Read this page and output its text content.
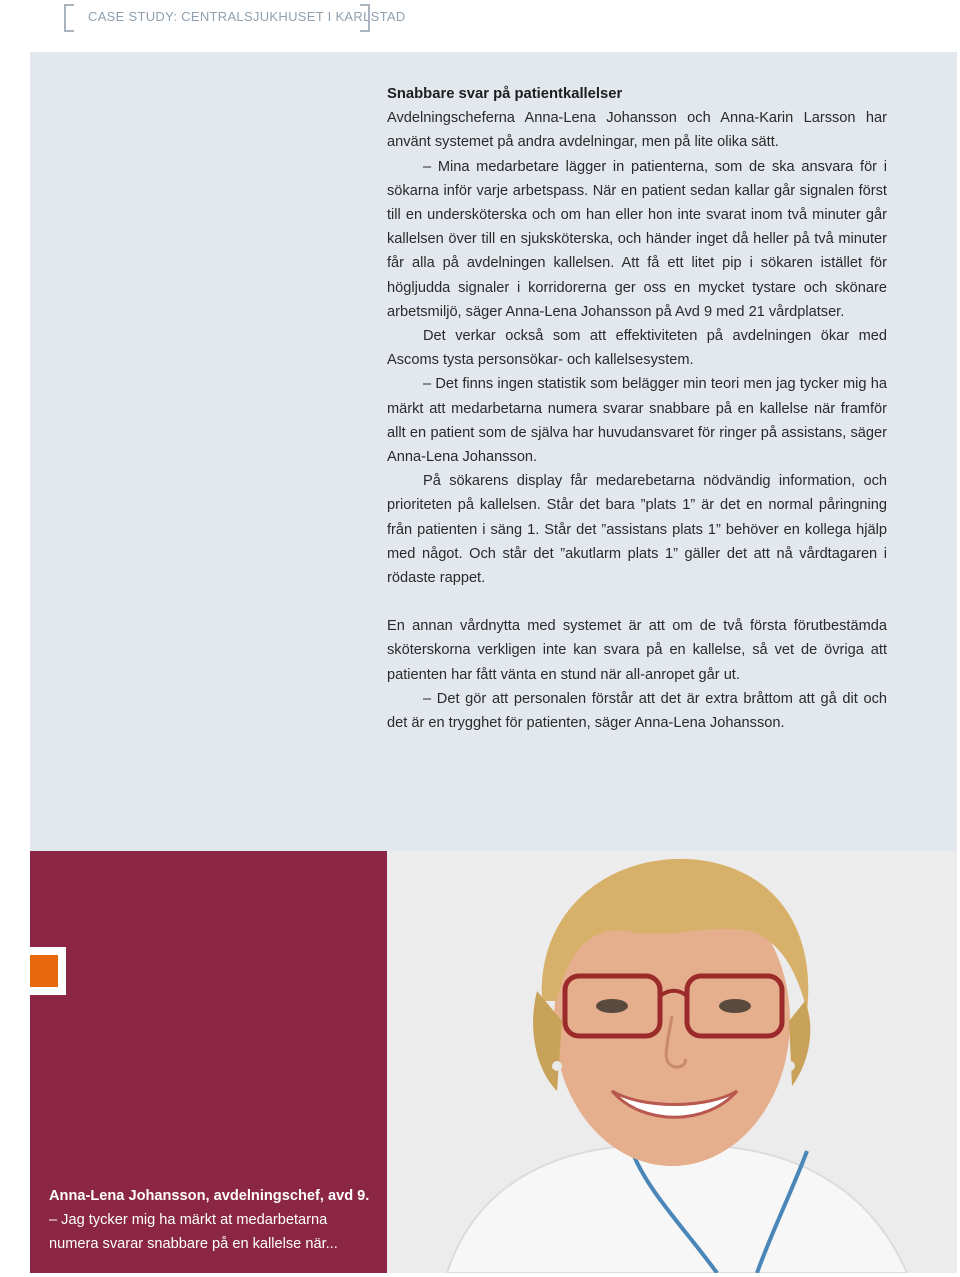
CASE STUDY: CENTRALSJUKHUSET I KARLSTAD
Snabbare svar på patientkallelser

Avdelningscheferna Anna-Lena Johansson och Anna-Karin Larsson har använt systemet på andra avdelningar, men på lite olika sätt.

– Mina medarbetare lägger in patienterna, som de ska ansvara för i sökarna inför varje arbetspass. När en patient sedan kallar går signalen först till en undersköterska och om han eller hon inte svarat inom två minuter går kallelsen över till en sjuksköterska, och händer inget då heller på två minuter får alla på avdelningen kallelsen. Att få ett litet pip i sökaren istället för högljudda signaler i korridorerna ger oss en mycket tystare och skönare arbetsmiljö, säger Anna-Lena Johansson på Avd 9 med 21 vårdplatser.

Det verkar också som att effektiviteten på avdelningen ökar med Ascoms tysta personsökar- och kallelsesystem.

– Det finns ingen statistik som belägger min teori men jag tycker mig ha märkt att medarbetarna numera svarar snabbare på en kallelse när framför allt en patient som de själva har huvudansvaret för ringer på assistans, säger Anna-Lena Johansson.

På sökarens display får medarebetarna nödvändig information, och prioriteten på kallelsen. Står det bara ”plats 1” är det en normal påringning från patienten i säng 1. Står det ”assistans plats 1” behöver en kollega hjälp med något. Och står det ”akutlarm plats 1” gäller det att nå vårdtagaren i rödaste rappet.

En annan vårdnytta med systemet är att om de två första förutbestämda sköterskorna verkligen inte kan svara på en kallelse, så vet de övriga att patienten har fått vänta en stund när all-anropet går ut.

– Det gör att personalen förstår att det är extra bråttom att gå dit och det är en trygghet för patienten, säger Anna-Lena Johansson.

Anna-Lena Johansson, avdelningschef, avd 9.
– Jag tycker mig ha märkt at medarbetarna numera svarar snabbare på en kallelse när...
